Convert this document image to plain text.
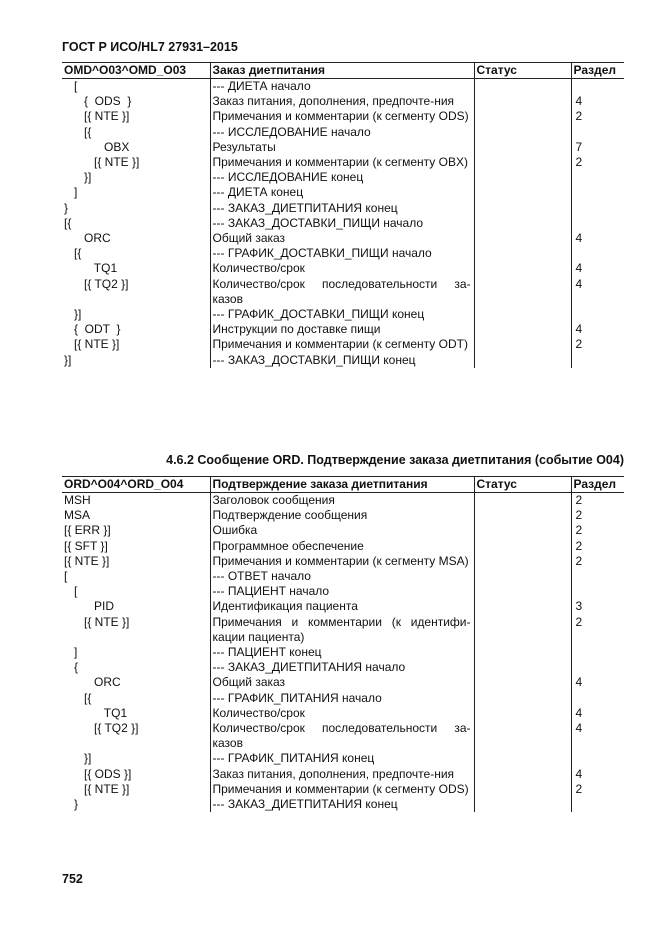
ГОСТ Р ИСО/HL7 27931–2015
OMD^O03^OMD_O03	Заказ диетпитания	Статус	Раздел
[	--- ДИЕТА начало		
{  ODS  }	Заказ питания, дополнения, предпочте-ния		4
[{ NTE }]	Примечания и комментарии (к сегменту ODS)		2
[{	--- ИССЛЕДОВАНИЕ начало		
OBX	Результаты		7
[{ NTE }]	Примечания и комментарии (к сегменту OBX)		2
}]	--- ИССЛЕДОВАНИЕ конец		
]	--- ДИЕТА конец		
}	--- ЗАКАЗ_ДИЕТПИТАНИЯ конец		
[{	--- ЗАКАЗ_ДОСТАВКИ_ПИЩИ начало		
ORC	Общий заказ		4
[{	--- ГРАФИК_ДОСТАВКИ_ПИЩИ начало		
TQ1	Количество/срок		4
[{ TQ2 }]	Количество/срок последовательности за-казов		4
}]	--- ГРАФИК_ДОСТАВКИ_ПИЩИ конец		
{  ODT  }	Инструкции по доставке пищи		4
[{ NTE }]	Примечания и комментарии (к сегменту ODT)		2
}]	--- ЗАКАЗ_ДОСТАВКИ_ПИЩИ конец		
4.6.2 Сообщение ORD. Подтверждение заказа диетпитания (событие O04)
ORD^O04^ORD_O04	Подтверждение заказа диетпитания	Статус	Раздел
MSH	Заголовок сообщения		2
MSA	Подтверждение сообщения		2
[{ ERR }]	Ошибка		2
[{ SFT }]	Программное обеспечение		2
[{ NTE }]	Примечания и комментарии (к сегменту MSA)		2
[	--- ОТВЕТ начало		
[	--- ПАЦИЕНТ начало		
PID	Идентификация пациента		3
[{ NTE }]	Примечания и комментарии (к идентифи-кации пациента)		2
]	--- ПАЦИЕНТ конец		
{	--- ЗАКАЗ_ДИЕТПИТАНИЯ начало		
ORC	Общий заказ		4
[{	--- ГРАФИК_ПИТАНИЯ начало		
TQ1	Количество/срок		4
[{ TQ2 }]	Количество/срок последовательности за-казов		4
}]	--- ГРАФИК_ПИТАНИЯ конец		
[{ ODS }]	Заказ питания, дополнения, предпочте-ния		4
[{ NTE }]	Примечания и комментарии (к сегменту ODS)		2
}	--- ЗАКАЗ_ДИЕТПИТАНИЯ конец		
752
